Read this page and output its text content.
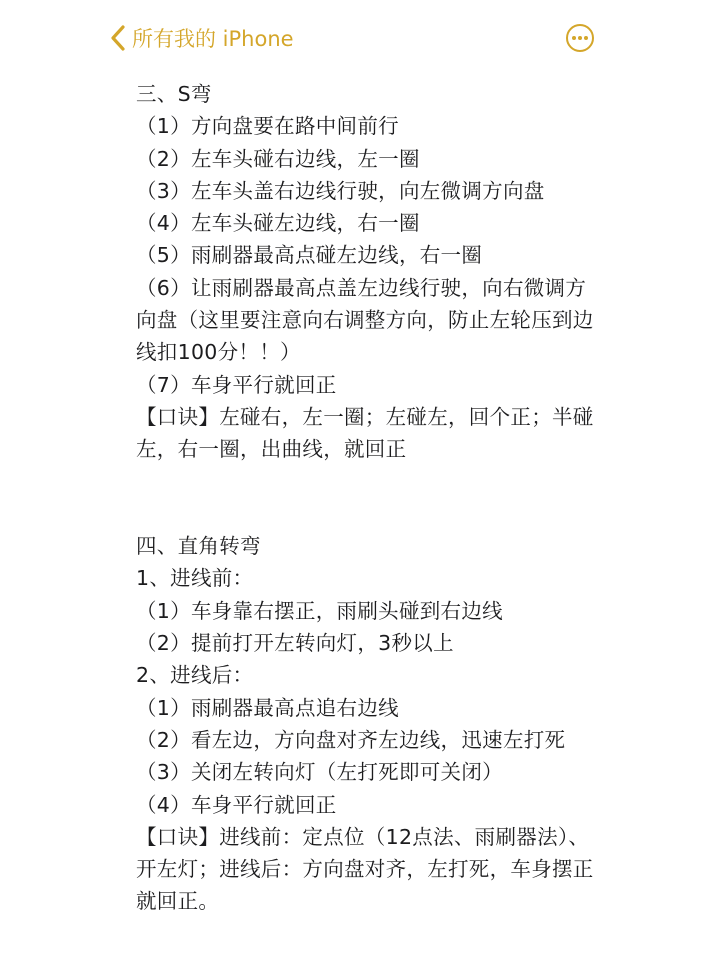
所有我的 iPhone

三、S弯

（1）方向盘要在路中间前行

（2）左车头碰右边线，左一圈

（3）左车头盖右边线行驶，向左微调方向盘

（4）左车头碰左边线，右一圈

（5）雨刷器最高点碰左边线，右一圈

（6）让雨刷器最高点盖左边线行驶，向右微调方向盘（这里要注意向右调整方向，防止左轮压到边线扣100分！！）

（7）车身平行就回正

【口诀】左碰右，左一圈；左碰左，回个正；半碰左，右一圈，出曲线，就回正

四、直角转弯

1、进线前：

（1）车身靠右摆正，雨刷头碰到右边线

（2）提前打开左转向灯，3秒以上

2、进线后：

（1）雨刷器最高点追右边线

（2）看左边，方向盘对齐左边线，迅速左打死

（3）关闭左转向灯（左打死即可关闭）

（4）车身平行就回正

【口诀】进线前：定点位（12点法、雨刷器法）、开左灯；进线后：方向盘对齐，左打死，车身摆正就回正。
